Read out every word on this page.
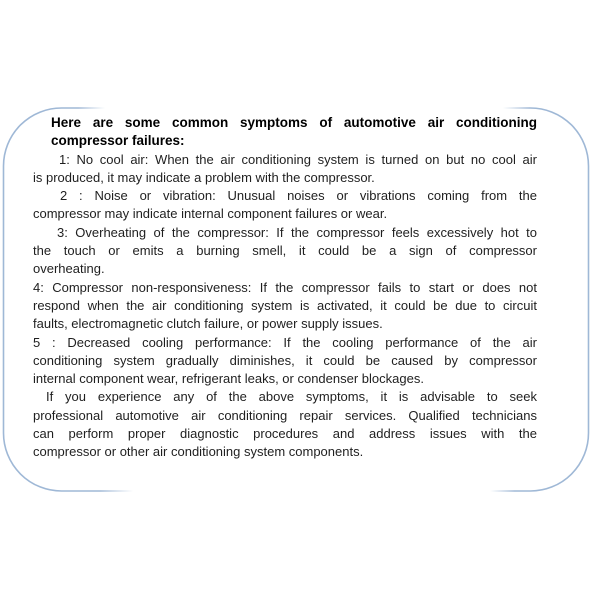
Here are some common symptoms of automotive air conditioning
compressor failures:

1: No cool air: When the air conditioning system is turned on but no cool air
is produced, it may indicate a problem with the compressor.

2 : Noise or vibration: Unusual noises or vibrations coming from the
compressor may indicate internal component failures or wear.

3: Overheating of the compressor: If the compressor feels excessively hot to
the touch or emits a burning smell, it could be a sign of compressor
overheating.

4: Compressor non-responsiveness: If the compressor fails to start or does not
respond when the air conditioning system is activated, it could be due to circuit
faults, electromagnetic clutch failure, or power supply issues.

5 : Decreased cooling performance: If the cooling performance of the air
conditioning system gradually diminishes, it could be caused by compressor
internal component wear, refrigerant leaks, or condenser blockages.

If you experience any of the above symptoms, it is advisable to seek
professional automotive air conditioning repair services. Qualified technicians
can perform proper diagnostic procedures and address issues with the
compressor or other air conditioning system components.
